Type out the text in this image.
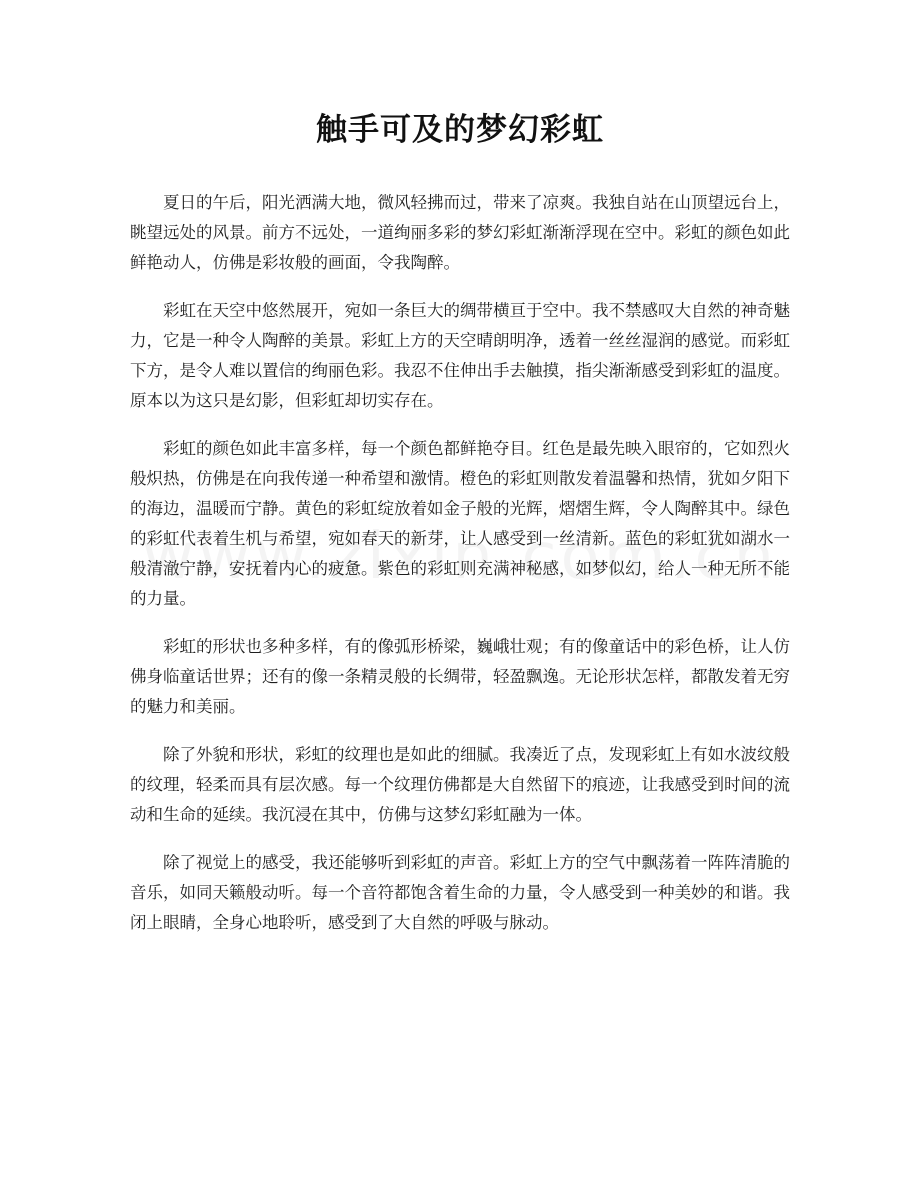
触手可及的梦幻彩虹

夏日的午后，阳光洒满大地，微风轻拂而过，带来了凉爽。我独自站在山顶望远台上，眺望远处的风景。前方不远处，一道绚丽多彩的梦幻彩虹渐渐浮现在空中。彩虹的颜色如此鲜艳动人，仿佛是彩妆般的画面，令我陶醉。

彩虹在天空中悠然展开，宛如一条巨大的绸带横亘于空中。我不禁感叹大自然的神奇魅力，它是一种令人陶醉的美景。彩虹上方的天空晴朗明净，透着一丝丝湿润的感觉。而彩虹下方，是令人难以置信的绚丽色彩。我忍不住伸出手去触摸，指尖渐渐感受到彩虹的温度。原本以为这只是幻影，但彩虹却切实存在。

彩虹的颜色如此丰富多样，每一个颜色都鲜艳夺目。红色是最先映入眼帘的，它如烈火般炽热，仿佛是在向我传递一种希望和激情。橙色的彩虹则散发着温馨和热情，犹如夕阳下的海边，温暖而宁静。黄色的彩虹绽放着如金子般的光辉，熠熠生辉，令人陶醉其中。绿色的彩虹代表着生机与希望，宛如春天的新芽，让人感受到一丝清新。蓝色的彩虹犹如湖水一般清澈宁静，安抚着内心的疲惫。紫色的彩虹则充满神秘感，如梦似幻，给人一种无所不能的力量。

彩虹的形状也多种多样，有的像弧形桥梁，巍峨壮观；有的像童话中的彩色桥，让人仿佛身临童话世界；还有的像一条精灵般的长绸带，轻盈飘逸。无论形状怎样，都散发着无穷的魅力和美丽。

除了外貌和形状，彩虹的纹理也是如此的细腻。我凑近了点，发现彩虹上有如水波纹般的纹理，轻柔而具有层次感。每一个纹理仿佛都是大自然留下的痕迹，让我感受到时间的流动和生命的延续。我沉浸在其中，仿佛与这梦幻彩虹融为一体。

除了视觉上的感受，我还能够听到彩虹的声音。彩虹上方的空气中飘荡着一阵阵清脆的音乐，如同天籁般动听。每一个音符都饱含着生命的力量，令人感受到一种美妙的和谐。我闭上眼睛，全身心地聆听，感受到了大自然的呼吸与脉动。
